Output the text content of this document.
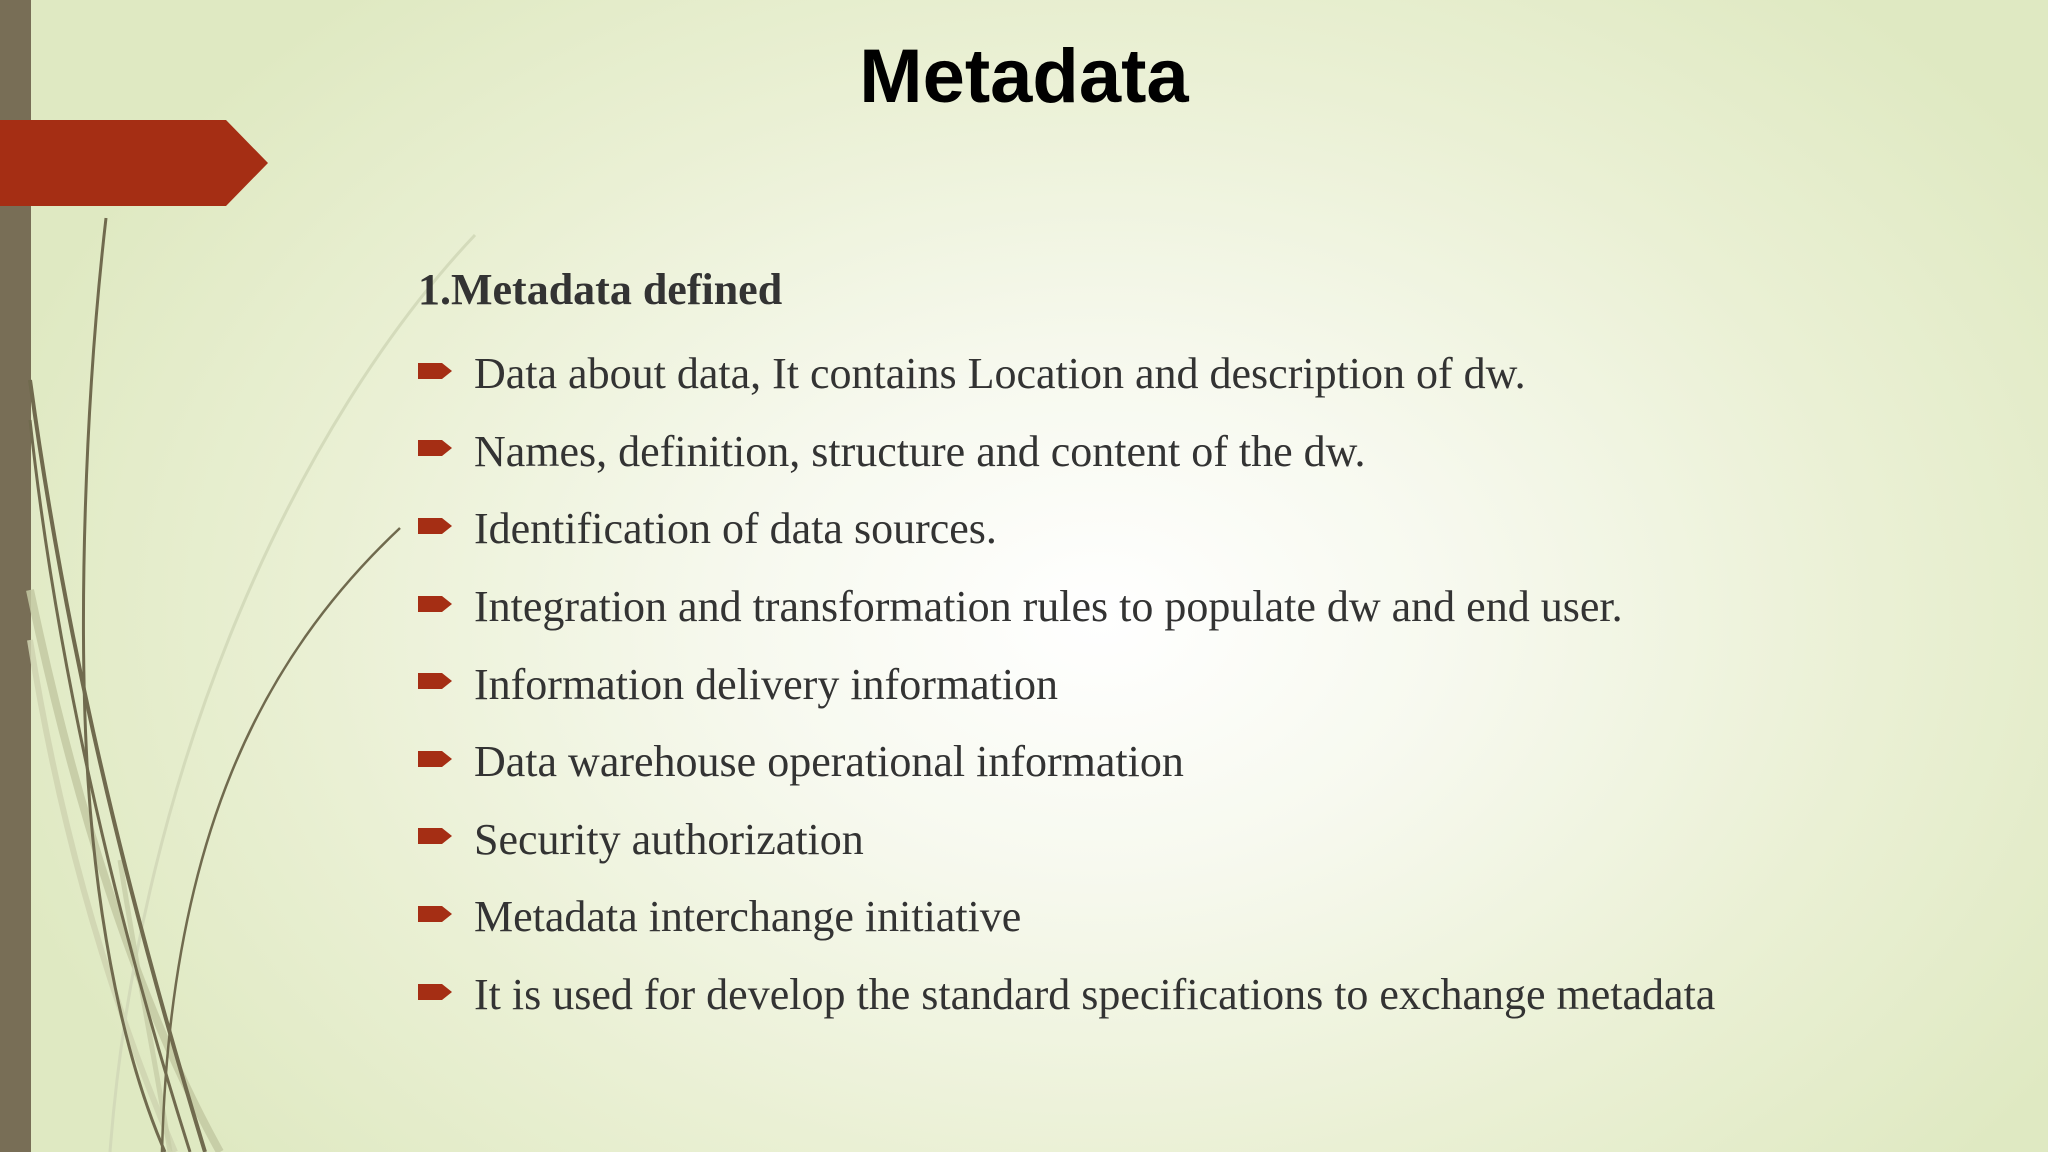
Metadata
1.Metadata defined
Data about data, It contains Location and description of dw.
Names, definition, structure and content of the dw.
Identification of data sources.
Integration and transformation rules to populate dw and end user.
Information delivery information
Data warehouse operational information
Security authorization
Metadata interchange initiative
It is used for develop the standard specifications to exchange metadata
